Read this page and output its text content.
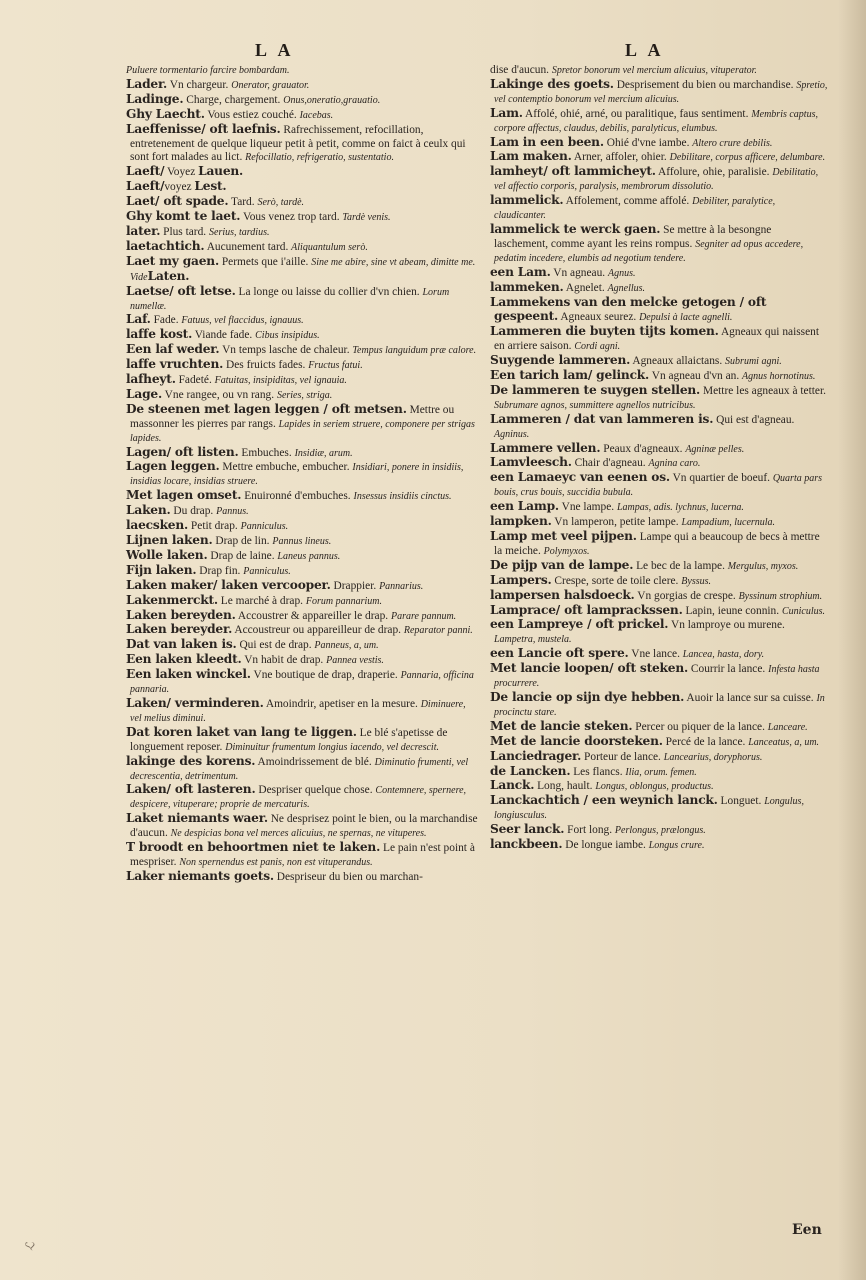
L A	L A

Puluere tormentario farcire bombardam.

Lader. Vn chargeur. Onerator, grauator.

Ladinge. Charge, chargement. Onus,oneratio,grauatio.

Ghy Laecht. Vous estiez couché. Iacebas.

Laeffenisse/ oft laefnis. Rafrechissement, refocillation, entretenement de quelque liqueur petit à petit, comme on faict à ceulx qui sont fort malades au lict. Refocillatio, refrigeratio, sustentatio.

Laeft/ Voyez Lauen.

Laeft/voyez Lest.

Laet/ oft spade. Tard. Serò, tardè.

Ghy komt te laet. Vous venez trop tard. Tardè venis.

later. Plus tard. Serius, tardius.

laetachtich. Aucunement tard. Aliquantulum serò.

Laet my gaen. Permets que i'aille. Sine me abire, sine vt abeam, dimitte me. VideLaten.

Laetse/ oft letse. La longe ou laisse du collier d'vn chien. Lorum numellæ.

Laf. Fade. Fatuus, vel flaccidus, ignauus.

laffe kost. Viande fade. Cibus insipidus.

Een laf weder. Vn temps lasche de chaleur. Tempus languidum præ calore.

laffe vruchten. Des fruicts fades. Fructus fatui.

lafheyt. Fadeté. Fatuitas, insipiditas, vel ignauia.

Lage. Vne rangee, ou vn rang. Series, striga.

De steenen met lagen leggen / oft metsen. Mettre ou massonner les pierres par rangs. Lapides in seriem struere, componere per strigas lapides.

Lagen/ oft listen. Embuches. Insidiæ, arum.

Lagen leggen. Mettre embuche, embucher. Insidiari, ponere in insidiis, insidias locare, insidias struere.

Met lagen omset. Enuironné d'embuches. Insessus insidiis cinctus.

Laken. Du drap. Pannus.

laecsken. Petit drap. Panniculus.

Lijnen laken. Drap de lin. Pannus lineus.

Wolle laken. Drap de laine. Laneus pannus.

Fijn laken. Drap fin. Panniculus.

Laken maker/ laken vercooper. Drappier. Pannarius.

Lakenmerckt. Le marché à drap. Forum pannarium.

Laken bereyden. Accoustrer & appareiller le drap. Parare pannum.

Laken bereyder. Accoustreur ou appareilleur de drap. Reparator panni.

Dat van laken is. Qui est de drap. Panneus, a, um.

Een laken kleedt. Vn habit de drap. Pannea vestis.

Een laken winckel. Vne boutique de drap, draperie. Pannaria, officina pannaria.

Laken/ verminderen. Amoindrir, apetiser en la mesure. Diminuere, vel melius diminui.

Dat koren laket van lang te liggen. Le blé s'apetisse de longuement reposer. Diminuitur frumentum longius iacendo, vel decrescit.

lakinge des korens. Amoindrissement de blé. Diminutio frumenti, vel decrescentia, detrimentum.

Laken/ oft lasteren. Despriser quelque chose. Contemnere, spernere, despicere, vituperare; proprie de mercaturis.

Laket niemants waer. Ne desprisez point le bien, ou la marchandise d'aucun. Ne despicias bona vel merces alicuius, ne spernas, ne vituperes.

T broodt en behoortmen niet te laken. Le pain n'est point à mespriser. Non spernendus est panis, non est vituperandus.

Laker niemants goets. Despriseur du bien ou marchan-

dise d'aucun. Spretor bonorum vel mercium alicuius, vituperator.

Lakinge des goets. Desprisement du bien ou marchandise. Spretio, vel contemptio bonorum vel mercium alicuius.

Lam. Affolé, ohié, arné, ou paralitique, faus sentiment. Membris captus, corpore affectus, claudus, debilis, paralyticus, elumbus.

Lam in een been. Ohié d'vne iambe. Altero crure debilis.

Lam maken. Arner, affoler, ohier. Debilitare, corpus afficere, delumbare.

lamheyt/ oft lammicheyt. Affolure, ohie, paralisie. Debilitatio, vel affectio corporis, paralysis, membrorum dissolutio.

lammelick. Affolement, comme affolé. Debiliter, paralytice, claudicanter.

lammelick te werck gaen. Se mettre à la besongne laschement, comme ayant les reins rompus. Segniter ad opus accedere, pedatim incedere, elumbis ad negotium tendere.

een Lam. Vn agneau. Agnus.

lammeken. Agnelet. Agnellus.

Lammekens van den melcke getogen / oft gespeent. Agneaux seurez. Depulsi à lacte agnelli.

Lammeren die buyten tijts komen. Agneaux qui naissent en arriere saison. Cordi agni.

Suygende lammeren. Agneaux allaictans. Subrumi agni.

Een tarich lam/ gelinck. Vn agneau d'vn an. Agnus hornotinus.

De lammeren te suygen stellen. Mettre les agneaux à tetter. Subrumare agnos, summittere agnellos nutricibus.

Lammeren / dat van lammeren is. Qui est d'agneau. Agninus.

Lammere vellen. Peaux d'agneaux. Agninæ pelles.

Lamvleesch. Chair d'agneau. Agnina caro.

een Lamaeyc van eenen os. Vn quartier de boeuf. Quarta pars bouis, crus bouis, succidia bubula.

een Lamp. Vne lampe. Lampas, adis. lychnus, lucerna.

lampken. Vn lamperon, petite lampe. Lampadium, lucernula.

Lamp met veel pijpen. Lampe qui a beaucoup de becs à mettre la meiche. Polymyxos.

De pijp van de lampe. Le bec de la lampe. Mergulus, myxos.

Lampers. Crespe, sorte de toile clere. Byssus.

lampersen halsdoeck. Vn gorgias de crespe. Byssinum strophium.

Lamprace/ oft lamprackssen. Lapin, ieune connin. Cuniculus.

een Lampreye / oft prickel. Vn lamproye ou murene. Lampetra, mustela.

een Lancie oft spere. Vne lance. Lancea, hasta, dory.

Met lancie loopen/ oft steken. Courrir la lance. Infesta hasta procurrere.

De lancie op sijn dye hebben. Auoir la lance sur sa cuisse. In procinctu stare.

Met de lancie steken. Percer ou piquer de la lance. Lanceare.

Met de lancie doorsteken. Percé de la lance. Lanceatus, a, um.

Lanciedrager. Porteur de lance. Lancearius, doryphorus.

de Lancken. Les flancs. Ilia, orum. femen.

Lanck. Long, hault. Longus, oblongus, productus.

Lanckachtich / een weynich lanck. Longuet. Longulus, longiusculus.

Seer lanck. Fort long. Perlongus, prælongus.

lanckbeen. De longue iambe. Longus crure.

Een
ℒ
